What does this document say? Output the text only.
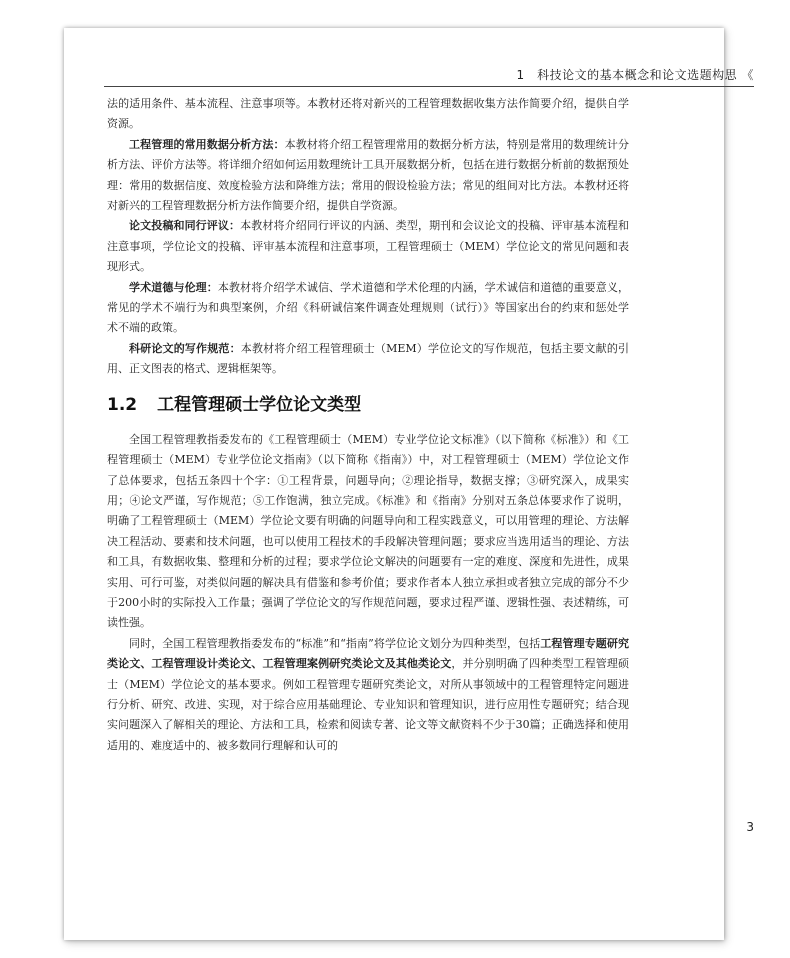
1　科技论文的基本概念和论文选题构思 《

法的适用条件、基本流程、注意事项等。本教材还将对新兴的工程管理数据收集方法作简要介绍，提供自学资源。

工程管理的常用数据分析方法：本教材将介绍工程管理常用的数据分析方法，特别是常用的数理统计分析方法、评价方法等。将详细介绍如何运用数理统计工具开展数据分析，包括在进行数据分析前的数据预处理：常用的数据信度、效度检验方法和降维方法；常用的假设检验方法；常见的组间对比方法。本教材还将对新兴的工程管理数据分析方法作简要介绍，提供自学资源。

论文投稿和同行评议：本教材将介绍同行评议的内涵、类型，期刊和会议论文的投稿、评审基本流程和注意事项，学位论文的投稿、评审基本流程和注意事项，工程管理硕士（MEM）学位论文的常见问题和表现形式。

学术道德与伦理：本教材将介绍学术诚信、学术道德和学术伦理的内涵，学术诚信和道德的重要意义，常见的学术不端行为和典型案例，介绍《科研诚信案件调查处理规则（试行）》等国家出台的约束和惩处学术不端的政策。

科研论文的写作规范：本教材将介绍工程管理硕士（MEM）学位论文的写作规范，包括主要文献的引用、正文图表的格式、逻辑框架等。

1.2 工程管理硕士学位论文类型

全国工程管理教指委发布的《工程管理硕士（MEM）专业学位论文标准》（以下简称《标准》）和《工程管理硕士（MEM）专业学位论文指南》（以下简称《指南》）中，对工程管理硕士（MEM）学位论文作了总体要求，包括五条四十个字：①工程背景，问题导向；②理论指导，数据支撑；③研究深入，成果实用；④论文严谨，写作规范；⑤工作饱满，独立完成。《标准》和《指南》分别对五条总体要求作了说明，明确了工程管理硕士（MEM）学位论文要有明确的问题导向和工程实践意义，可以用管理的理论、方法解决工程活动、要素和技术问题，也可以使用工程技术的手段解决管理问题；要求应当选用适当的理论、方法和工具，有数据收集、整理和分析的过程；要求学位论文解决的问题要有一定的难度、深度和先进性，成果实用、可行可鉴，对类似问题的解决具有借鉴和参考价值；要求作者本人独立承担或者独立完成的部分不少于200小时的实际投入工作量；强调了学位论文的写作规范问题，要求过程严谨、逻辑性强、表述精练，可读性强。

同时，全国工程管理教指委发布的“标准”和“指南”将学位论文划分为四种类型，包括工程管理专题研究类论文、工程管理设计类论文、工程管理案例研究类论文及其他类论文，并分别明确了四种类型工程管理硕士（MEM）学位论文的基本要求。例如工程管理专题研究类论文，对所从事领域中的工程管理特定问题进行分析、研究、改进、实现，对于综合应用基础理论、专业知识和管理知识，进行应用性专题研究；结合现实问题深入了解相关的理论、方法和工具，检索和阅读专著、论文等文献资料不少于30篇；正确选择和使用适用的、难度适中的、被多数同行理解和认可的

3
